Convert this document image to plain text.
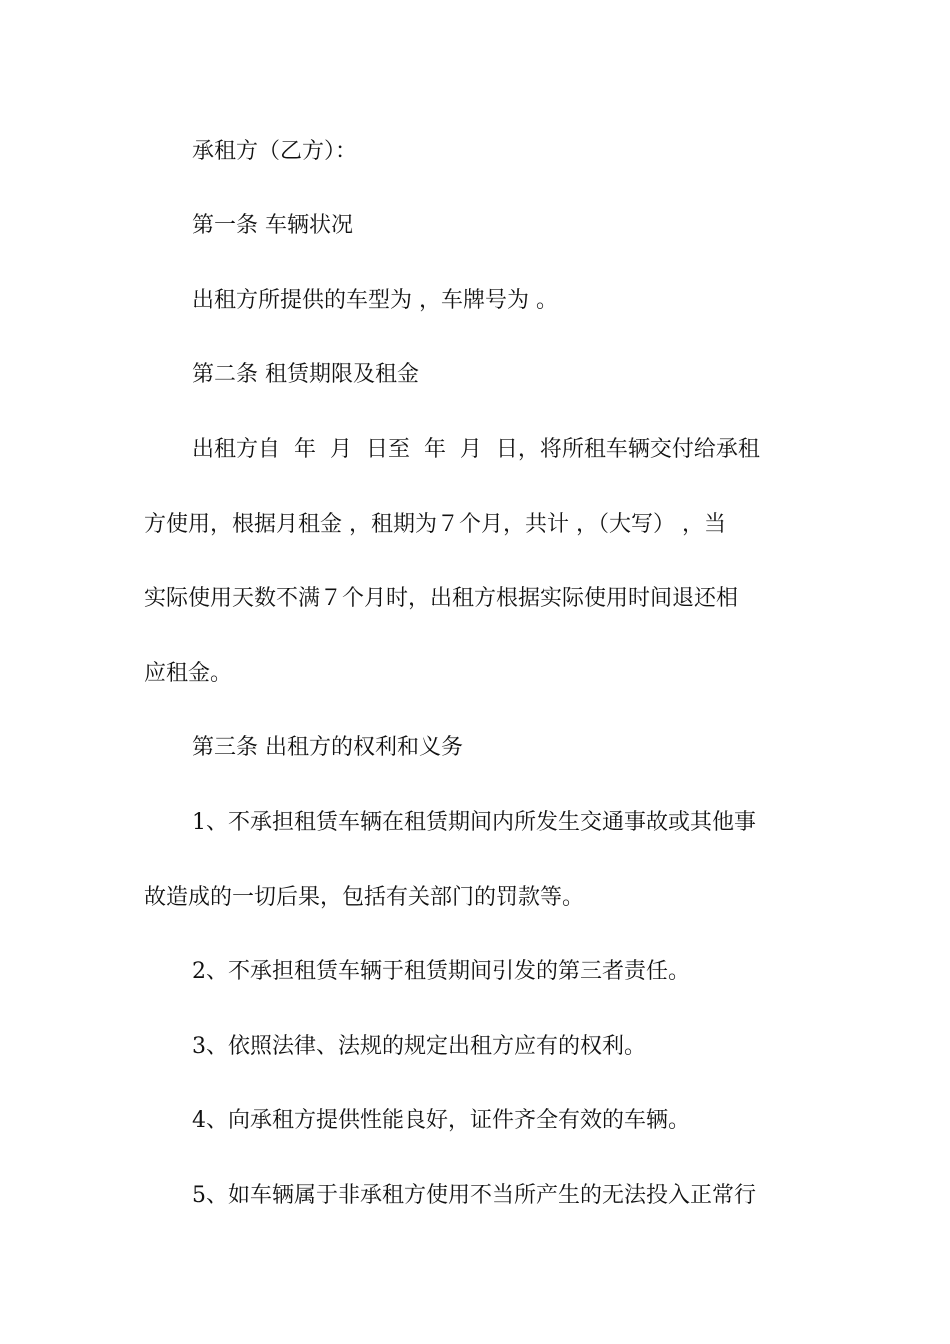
承租方（乙方）：

第一条 车辆状况

出租方所提供的车型为 ，车牌号为 。

第二条 租赁期限及租金

出租方自  年  月  日至  年  月  日，将所租车辆交付给承租

方使用，根据月租金 ，租期为７个月，共计 ，（大写） ，当

实际使用天数不满７个月时，出租方根据实际使用时间退还相

应租金。

第三条 出租方的权利和义务

1、不承担租赁车辆在租赁期间内所发生交通事故或其他事

故造成的一切后果，包括有关部门的罚款等。

2、不承担租赁车辆于租赁期间引发的第三者责任。

3、依照法律、法规的规定出租方应有的权利。

4、向承租方提供性能良好，证件齐全有效的车辆。

5、如车辆属于非承租方使用不当所产生的无法投入正常行
